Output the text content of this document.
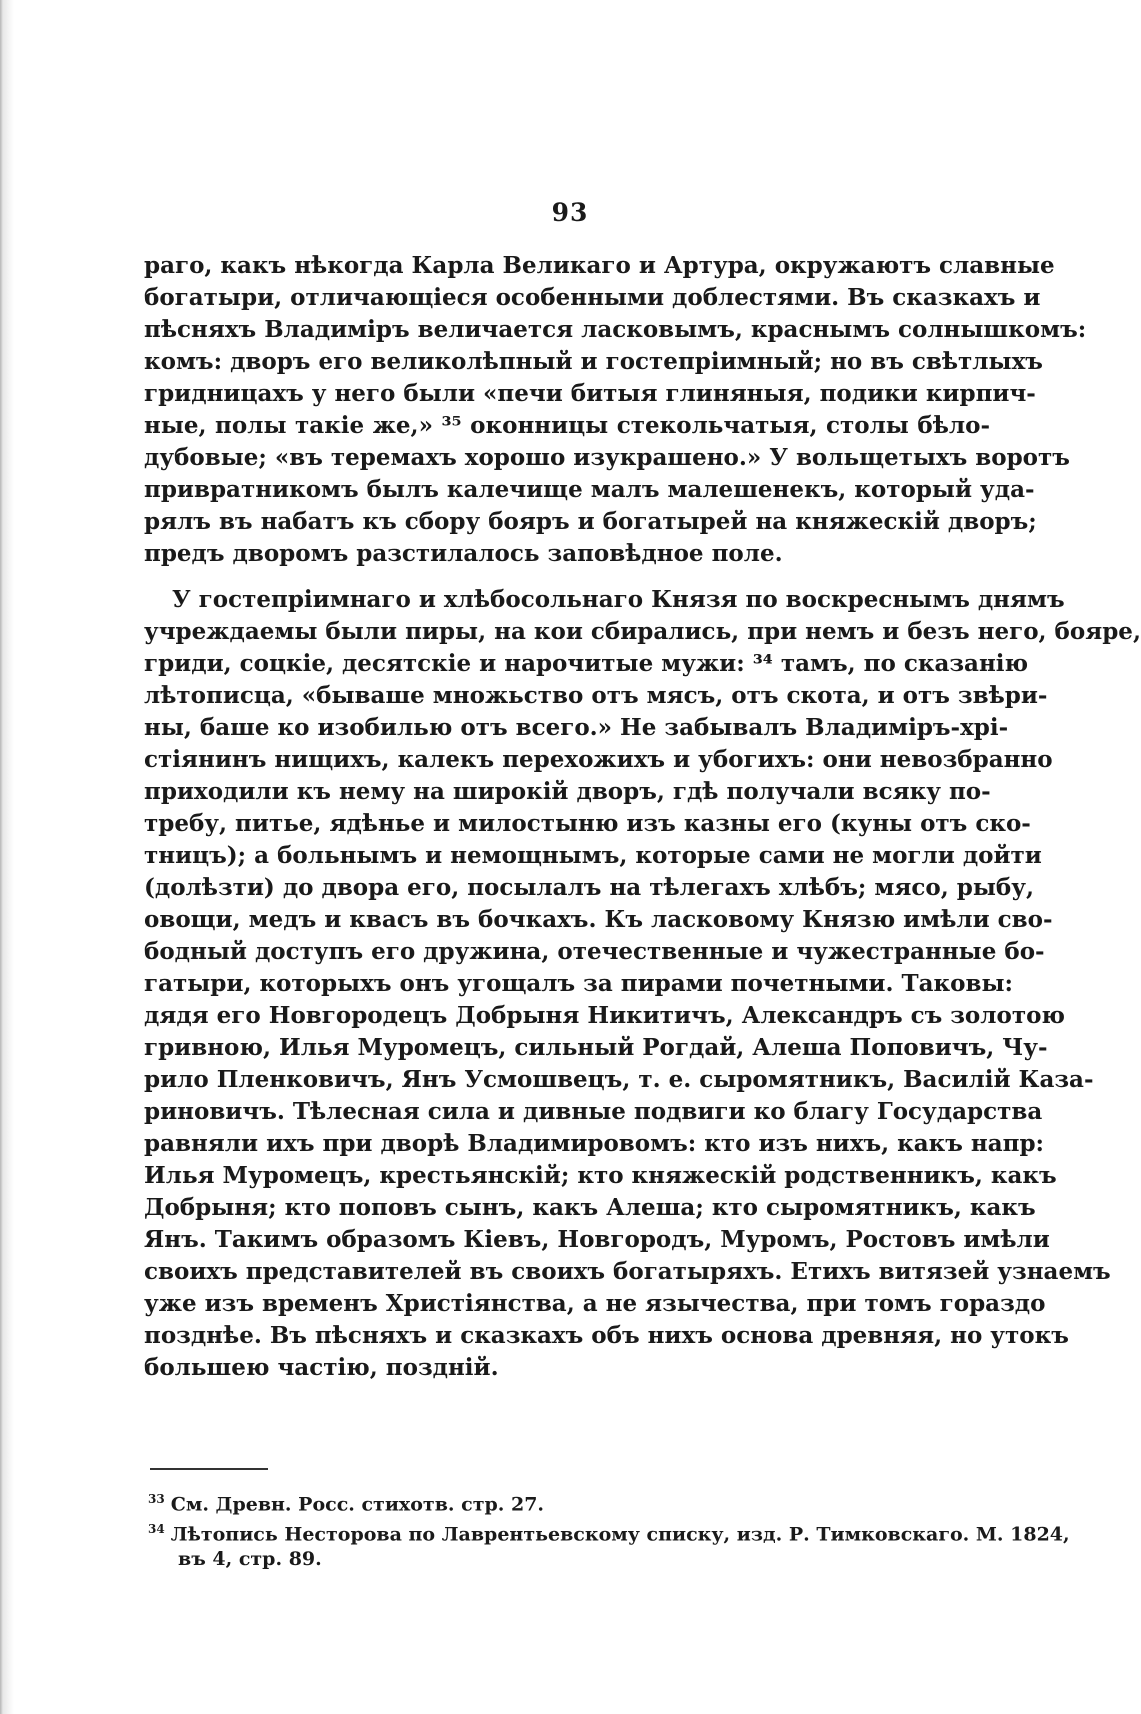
93
раго, какъ нѣкогда Карла Великаго и Артура, окружаютъ славные
богатыри, отличающіеся особенными доблестями. Въ сказкахъ и
пѣсняхъ Владиміръ величается ласковымъ, краснымъ солнышкомъ:
комъ: дворъ его великолѣпный и гостепріимный; но въ свѣтлыхъ
гридницахъ у него были «печи битыя глиняныя, подики кирпич-
ные, полы такіе же,» ³⁵ оконницы стекольчатыя, столы бѣло-
дубовые; «въ теремахъ хорошо изукрашено.» У вольщетыхъ воротъ
привратникомъ былъ калечище малъ малешенекъ, который уда-
рялъ въ набатъ къ сбору бояръ и богатырей на княжескій дворъ;
предъ дворомъ разстилалось заповѣдное поле.
У гостепріимнаго и хлѣбосольнаго Князя по воскреснымъ днямъ
учреждаемы были пиры, на кои сбирались, при немъ и безъ него, бояре,
гриди, соцкіе, десятскіе и нарочитые мужи: ³⁴ тамъ, по сказанію
лѣтописца, «бываше множьство отъ мясъ, отъ скота, и отъ звѣри-
ны, баше ко изобилью отъ всего.» Не забывалъ Владиміръ-хрі-
стіянинъ нищихъ, калекъ перехожихъ и убогихъ: они невозбранно
приходили къ нему на широкій дворъ, гдѣ получали всяку по-
требу, питье, ядѣнье и милостыню изъ казны его (куны отъ ско-
тницъ); а больнымъ и немощнымъ, которые сами не могли дойти
(долѣзти) до двора его, посылалъ на тѣлегахъ хлѣбъ; мясо, рыбу,
овощи, медъ и квасъ въ бочкахъ. Къ ласковому Князю имѣли сво-
бодный доступъ его дружина, отечественные и чужестранные бо-
гатыри, которыхъ онъ угощалъ за пирами почетными. Таковы:
дядя его Новгородецъ Добрыня Никитичъ, Александръ съ золотою
гривною, Илья Муромецъ, сильный Рогдай, Алеша Поповичъ, Чу-
рило Пленковичъ, Янъ Усмошвецъ, т. е. сыромятникъ, Василій Каза-
риновичъ. Тѣлесная сила и дивные подвиги ко благу Государства
равняли ихъ при дворѣ Владимировомъ: кто изъ нихъ, какъ напр:
Илья Муромецъ, крестьянскій; кто княжескій родственникъ, какъ
Добрыня; кто поповъ сынъ, какъ Алеша; кто сыромятникъ, какъ
Янъ. Такимъ образомъ Кіевъ, Новгородъ, Муромъ, Ростовъ имѣли
своихъ представителей въ своихъ богатыряхъ. Етихъ витязей узнаемъ
уже изъ временъ Христіянства, а не язычества, при томъ гораздо
позднѣе. Въ пѣсняхъ и сказкахъ объ нихъ основа древняя, но утокъ
большею частію, поздній.
$^{33}$ См. Древн. Росс. стихотв. стр. 27.
$^{34}$ Лѣтопись Несторова по Лаврентьевскому списку, изд. Р. Тимковскаго. М. 1824,
въ 4, стр. 89.
